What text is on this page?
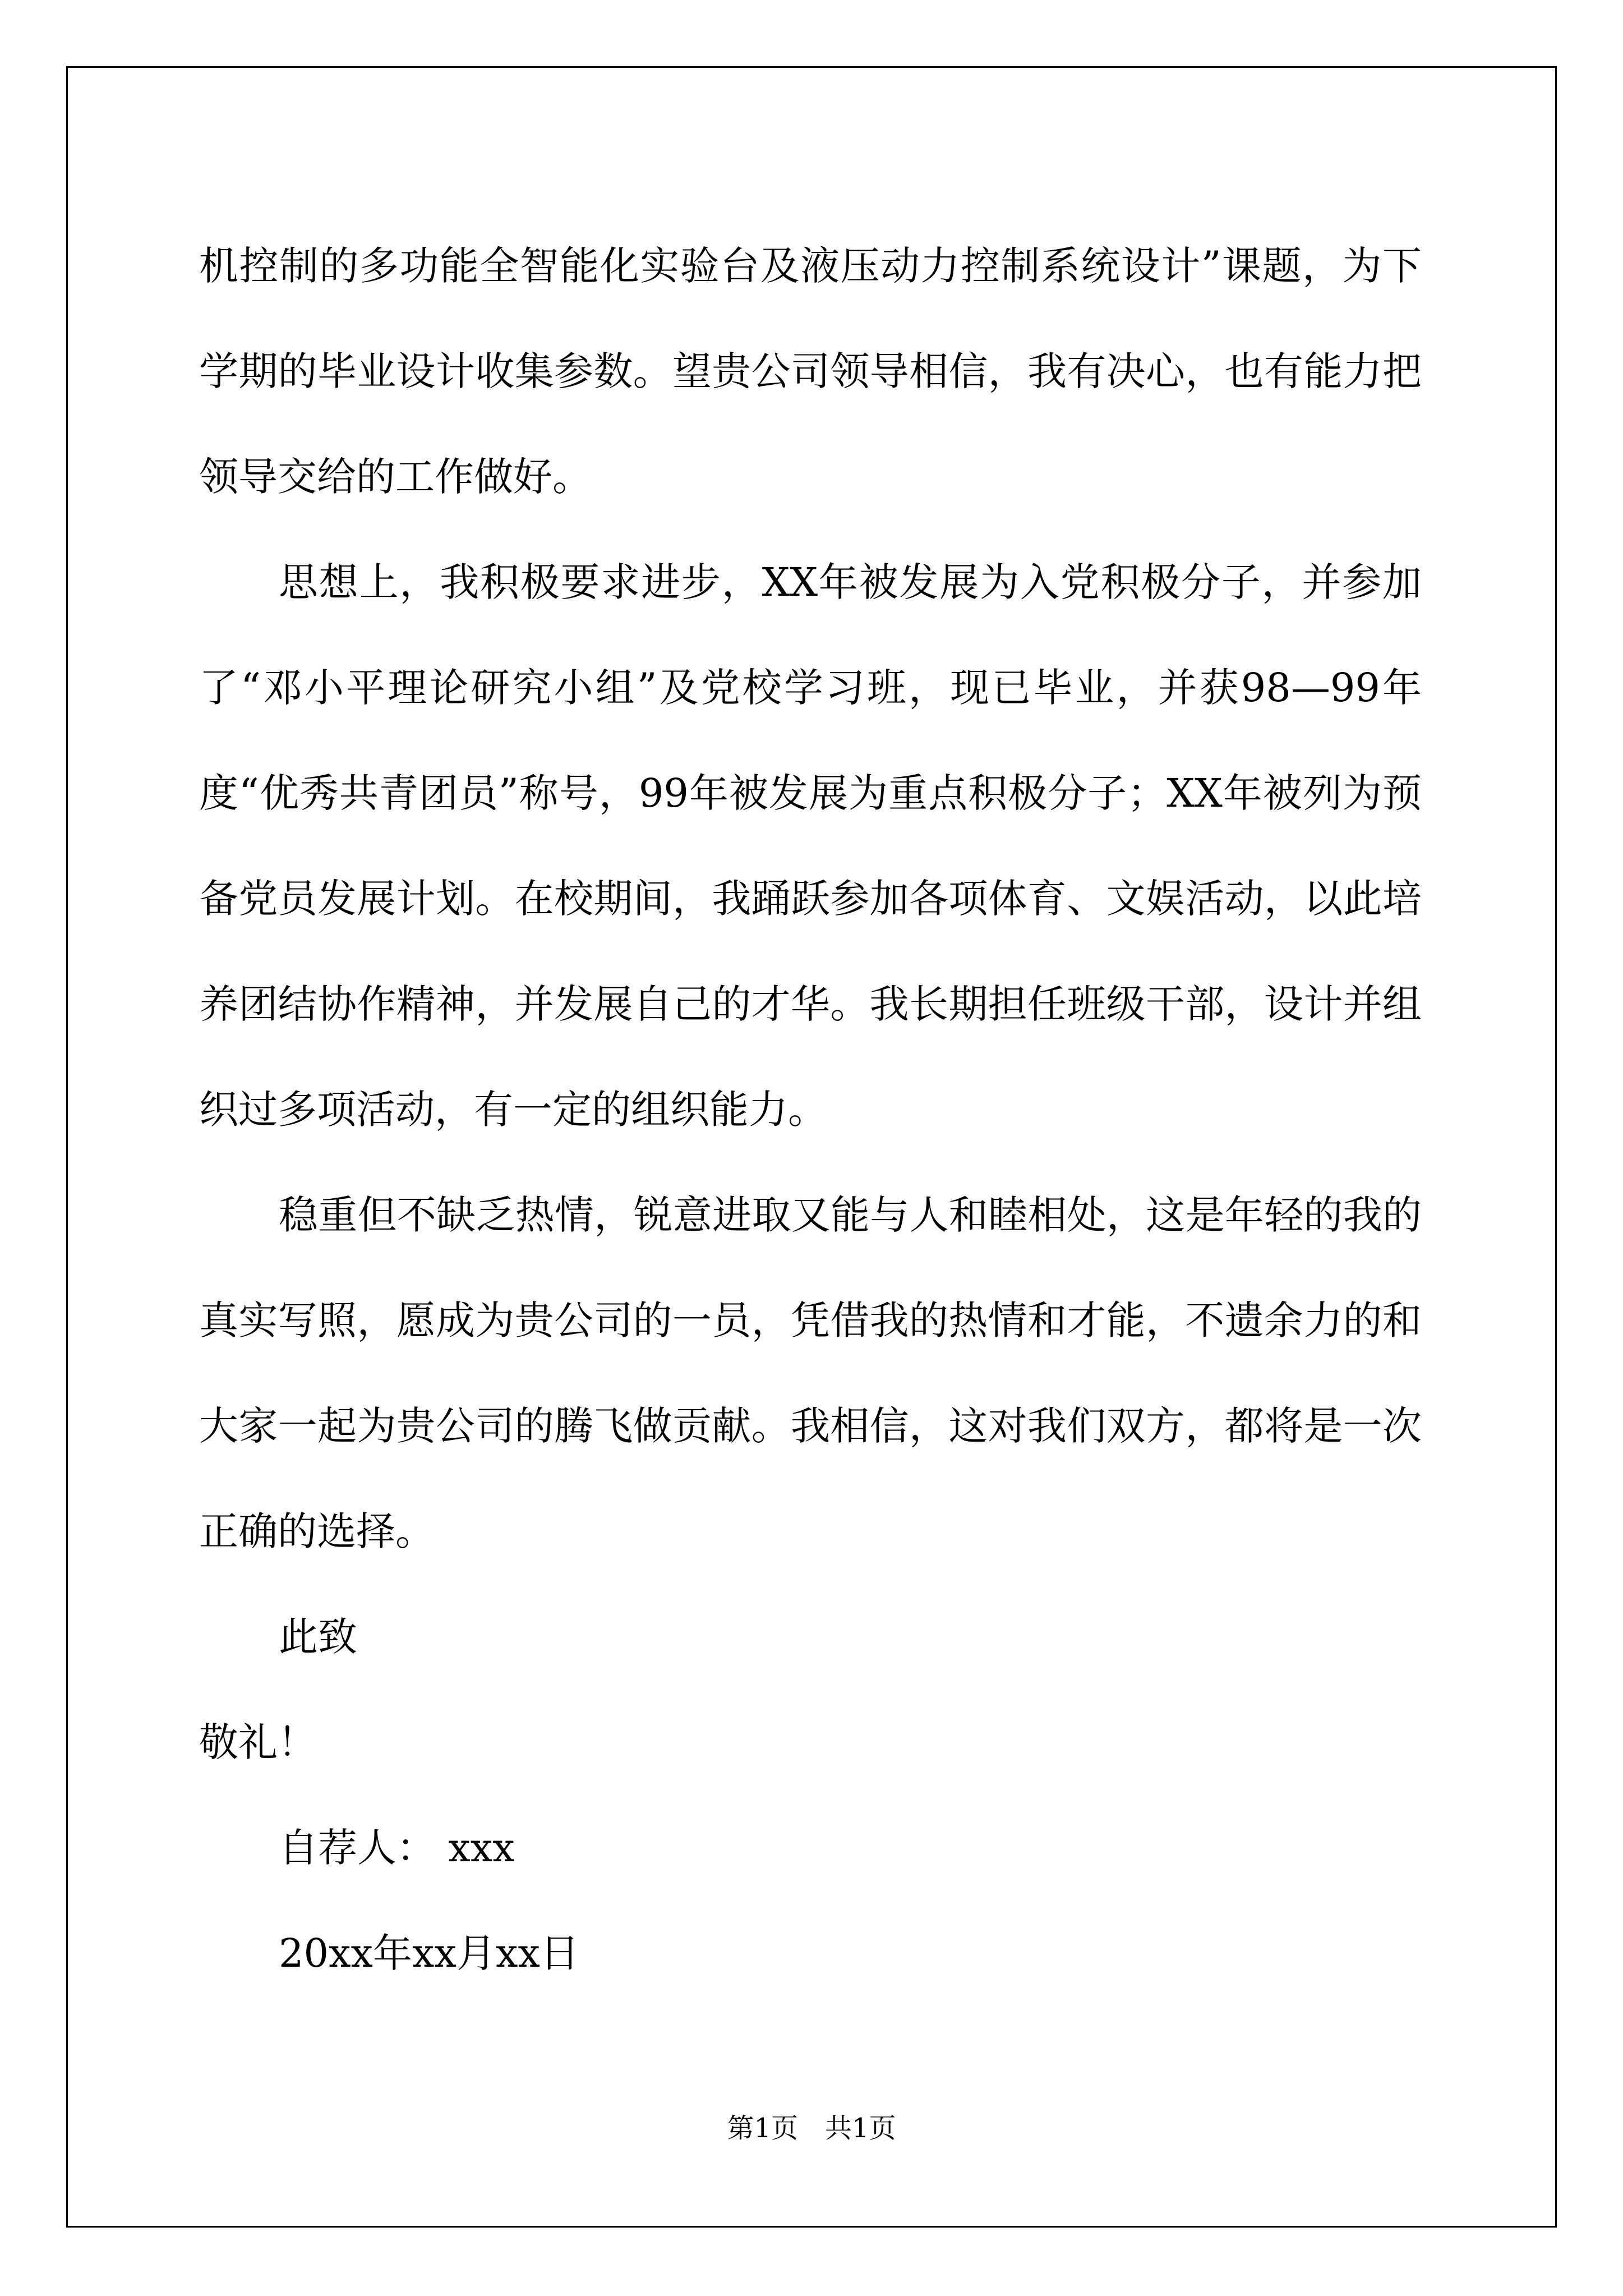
机控制的多功能全智能化实验台及液压动力控制系统设计”课题，为下学期的毕业设计收集参数。望贵公司领导相信，我有决心，也有能力把领导交给的工作做好。

思想上，我积极要求进步，XX年被发展为入党积极分子，并参加了“邓小平理论研究小组”及党校学习班，现已毕业，并获98—99年度“优秀共青团员”称号，99年被发展为重点积极分子；XX年被列为预备党员发展计划。在校期间，我踊跃参加各项体育、文娱活动，以此培养团结协作精神，并发展自己的才华。我长期担任班级干部，设计并组织过多项活动，有一定的组织能力。

稳重但不缺乏热情，锐意进取又能与人和睦相处，这是年轻的我的真实写照，愿成为贵公司的一员，凭借我的热情和才能，不遗余力的和大家一起为贵公司的腾飞做贡献。我相信，这对我们双方，都将是一次正确的选择。

此致

敬礼！

自荐人： xxx

20xx年xx月xx日

第1页　共1页
